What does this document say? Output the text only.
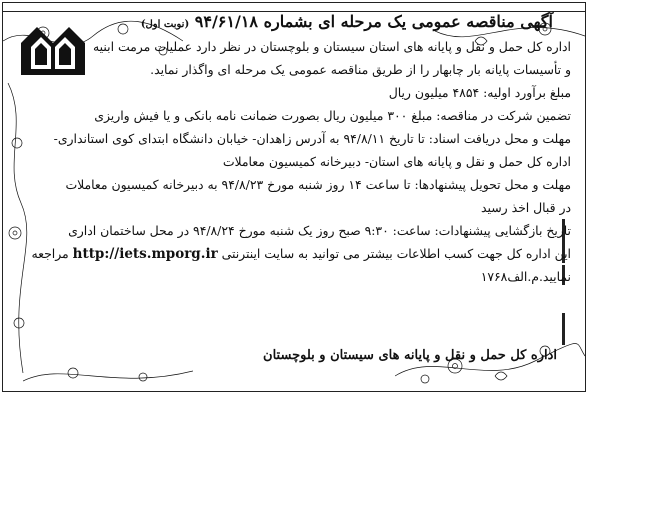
آگهی مناقصه عمومی یک مرحله ای بشماره ۹۴/۶۱/۱۸ (نوبت اول)
اداره کل حمل و نقل و پایانه های استان سیستان و بلوچستان در نظر دارد عملیات مرمت ابنیه
و تأسیسات پایانه بار چابهار را از طریق مناقصه عمومی یک مرحله ای واگذار نماید.
مبلغ برآورد اولیه: ۴۸۵۴ میلیون ریال
تضمین شرکت در مناقصه: مبلغ ۳۰۰ میلیون ریال بصورت ضمانت نامه بانکی و یا فیش واریزی
مهلت و محل دریافت اسناد: تا تاریخ ۹۴/۸/۱۱ به آدرس زاهدان- خیابان دانشگاه ابتدای کوی استانداری-
اداره کل حمل و نقل و پایانه های استان- دبیرخانه کمیسیون معاملات
مهلت و محل تحویل پیشنهادها: تا ساعت ۱۴ روز شنبه مورخ ۹۴/۸/۲۳ به دبیرخانه کمیسیون معاملات
در قبال اخذ رسید
تاریخ بازگشایی پیشنهادات: ساعت: ۹:۳۰ صبح روز یک شنبه مورخ ۹۴/۸/۲۴ در محل ساختمان اداری
این اداره کل جهت کسب اطلاعات بیشتر می توانید به سایت اینترنتی http://iets.mporg.ir مراجعه
نمایید.م.الف۱۷۶۸
اداره کل حمل و نقل و پایانه های سیستان و بلوچستان
